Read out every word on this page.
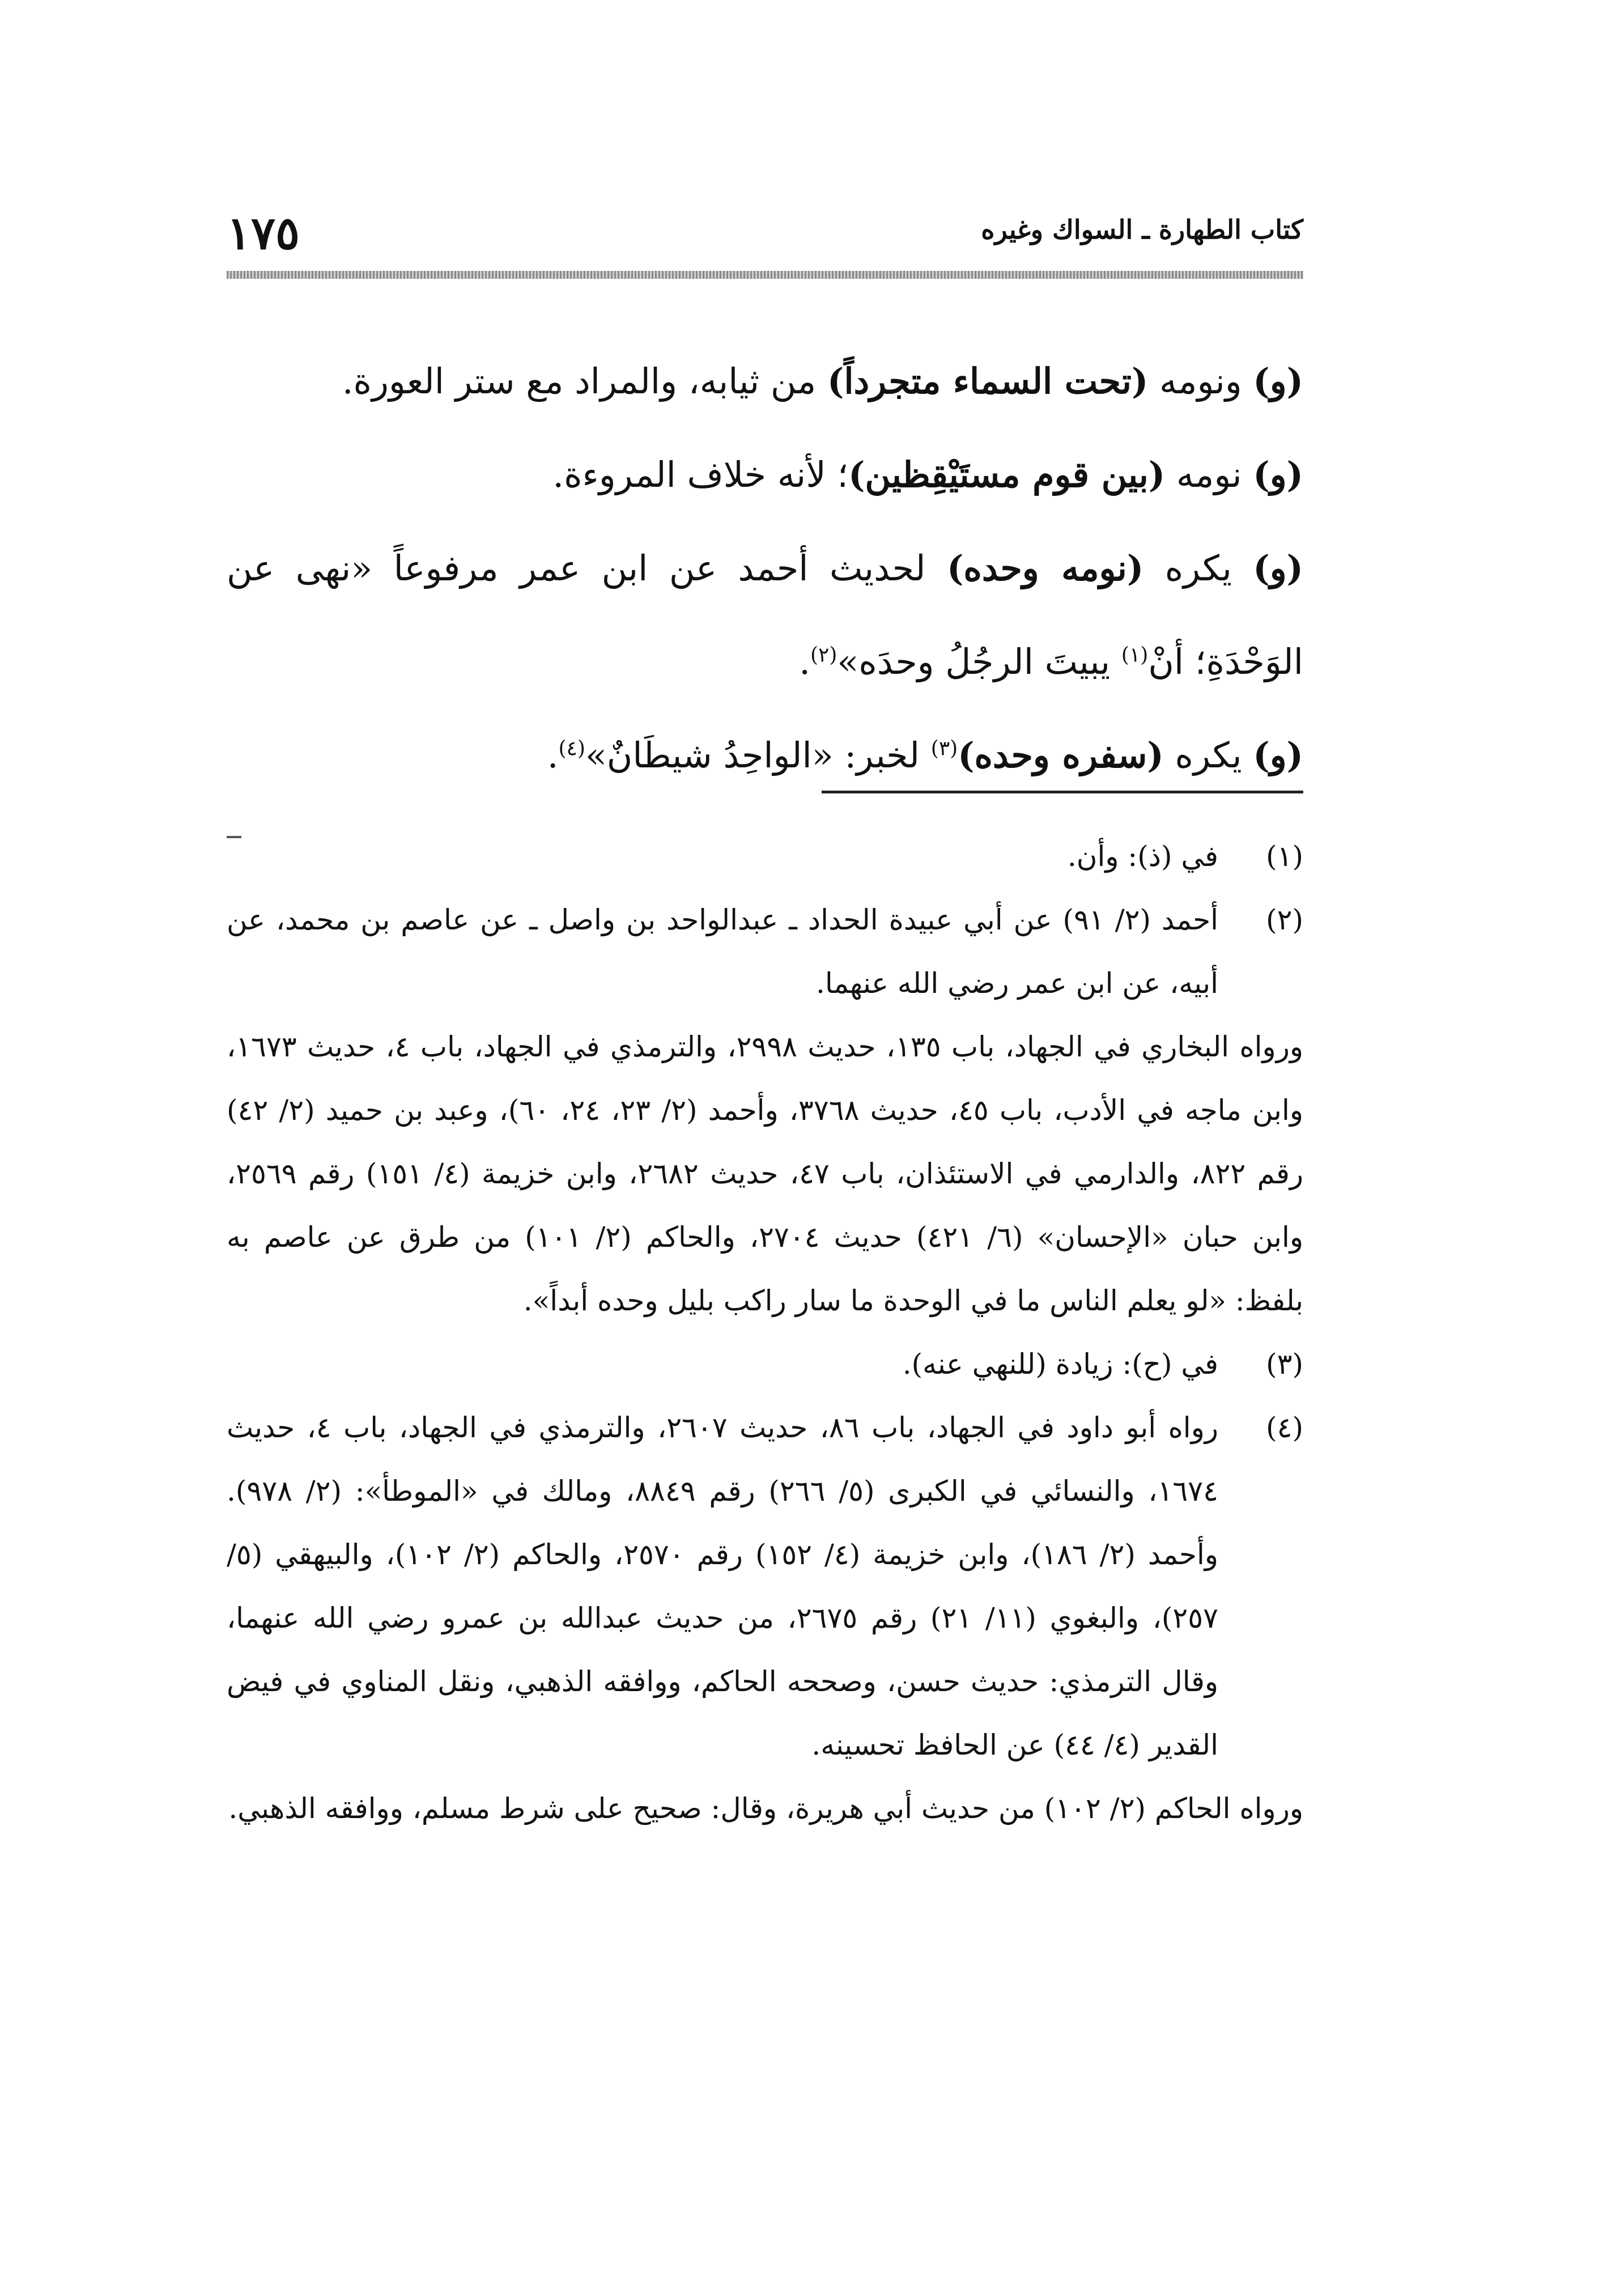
كتاب الطهارة ـ السواك وغيره
١٧٥

(و) ونومه (تحت السماء متجرداً) من ثيابه، والمراد مع ستر العورة.

(و) نومه (بين قوم مستَيْقِظين)؛ لأنه خلاف المروءة.

(و) يكره (نومه وحده) لحديث أحمد عن ابن عمر مرفوعاً «نهى عن الوَحْدَةِ؛ أنْ$^{(١)}$ يبيتَ الرجُلُ وحدَه»$^{(٢)}$.

(و) يكره (سفره وحده)$^{(٣)}$ لخبر: «الواحِدُ شيطَانٌ»$^{(٤)}$.

(١)

في (ذ): وأن.

(٢)

أحمد (٢/ ٩١) عن أبي عبيدة الحداد ـ عبدالواحد بن واصل ـ عن عاصم بن محمد، عن أبيه، عن ابن عمر رضي الله عنهما.

ورواه البخاري في الجهاد، باب ١٣٥، حديث ٢٩٩٨، والترمذي في الجهاد، باب ٤، حديث ١٦٧٣، وابن ماجه في الأدب، باب ٤٥، حديث ٣٧٦٨، وأحمد (٢/ ٢٣، ٢٤، ٦٠)، وعبد بن حميد (٢/ ٤٢) رقم ٨٢٢، والدارمي في الاستئذان، باب ٤٧، حديث ٢٦٨٢، وابن خزيمة (٤/ ١٥١) رقم ٢٥٦٩، وابن حبان «الإحسان» (٦/ ٤٢١) حديث ٢٧٠٤، والحاكم (٢/ ١٠١) من طرق عن عاصم به بلفظ: «لو يعلم الناس ما في الوحدة ما سار راكب بليل وحده أبداً».

(٣)

في (ح): زيادة (للنهي عنه).

(٤)

رواه أبو داود في الجهاد، باب ٨٦، حديث ٢٦٠٧، والترمذي في الجهاد، باب ٤، حديث ١٦٧٤، والنسائي في الكبرى (٥/ ٢٦٦) رقم ٨٨٤٩، ومالك في «الموطأ»: (٢/ ٩٧٨). وأحمد (٢/ ١٨٦)، وابن خزيمة (٤/ ١٥٢) رقم ٢٥٧٠، والحاكم (٢/ ١٠٢)، والبيهقي (٥/ ٢٥٧)، والبغوي (١١/ ٢١) رقم ٢٦٧٥، من حديث عبدالله بن عمرو رضي الله عنهما، وقال الترمذي: حديث حسن، وصححه الحاكم، ووافقه الذهبي، ونقل المناوي في فيض القدير (٤/ ٤٤) عن الحافظ تحسينه.

ورواه الحاكم (٢/ ١٠٢) من حديث أبي هريرة، وقال: صحيح على شرط مسلم، ووافقه الذهبي.
